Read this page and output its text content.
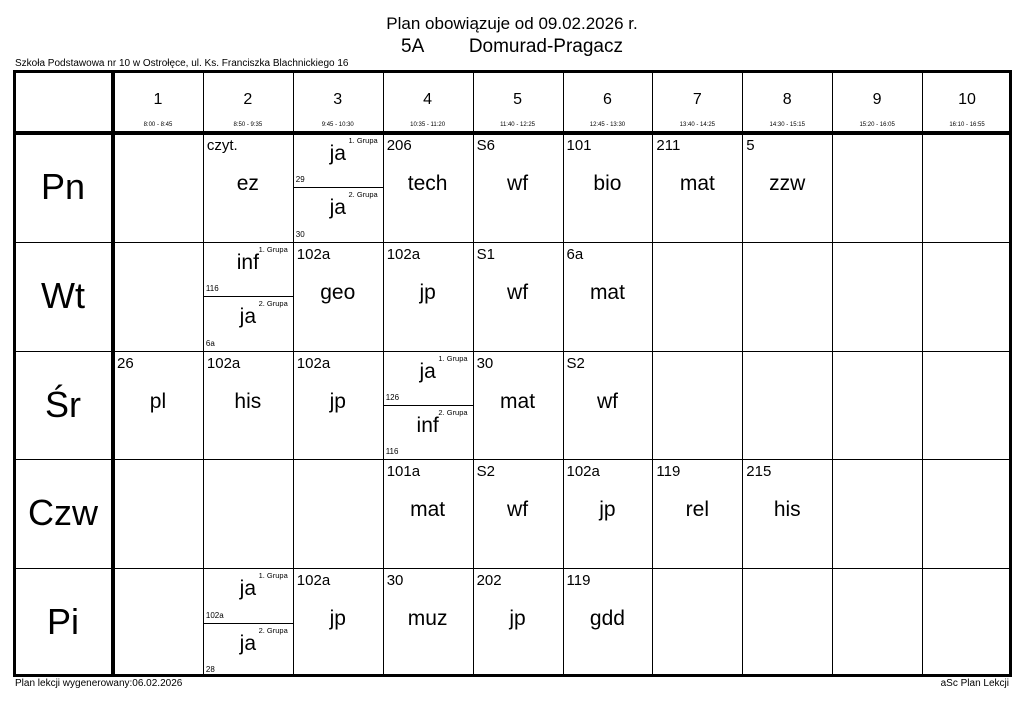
Plan obowiązuje od 09.02.2026 r.
5A Domurad-Pragacz
Szkoła Podstawowa nr 10 w Ostrołęce, ul. Ks. Franciszka Blachnickiego 16
1
8:00 - 8:45
2
8:50 - 9:35
3
9:45 - 10:30
4
10:35 - 11:20
5
11:40 - 12:25
6
12:45 - 13:30
7
13:40 - 14:25
8
14:30 - 15:15
9
15:20 - 16:05
10
16:10 - 16:55
Pn
Wt
Śr
Czw
Pi
czyt.
ez
1. Grupa
ja
29
2. Grupa
ja
30
206
tech
S6
wf
101
bio
211
mat
5
zzw
1. Grupa
inf
116
2. Grupa
ja
6a
102a
geo
102a
jp
S1
wf
6a
mat
26
pl
102a
his
102a
jp
1. Grupa
ja
126
2. Grupa
inf
116
30
mat
S2
wf
101a
mat
S2
wf
102a
jp
119
rel
215
his
1. Grupa
ja
102a
2. Grupa
ja
28
102a
jp
30
muz
202
jp
119
gdd
Plan lekcji wygenerowany:06.02.2026	aSc Plan Lekcji
